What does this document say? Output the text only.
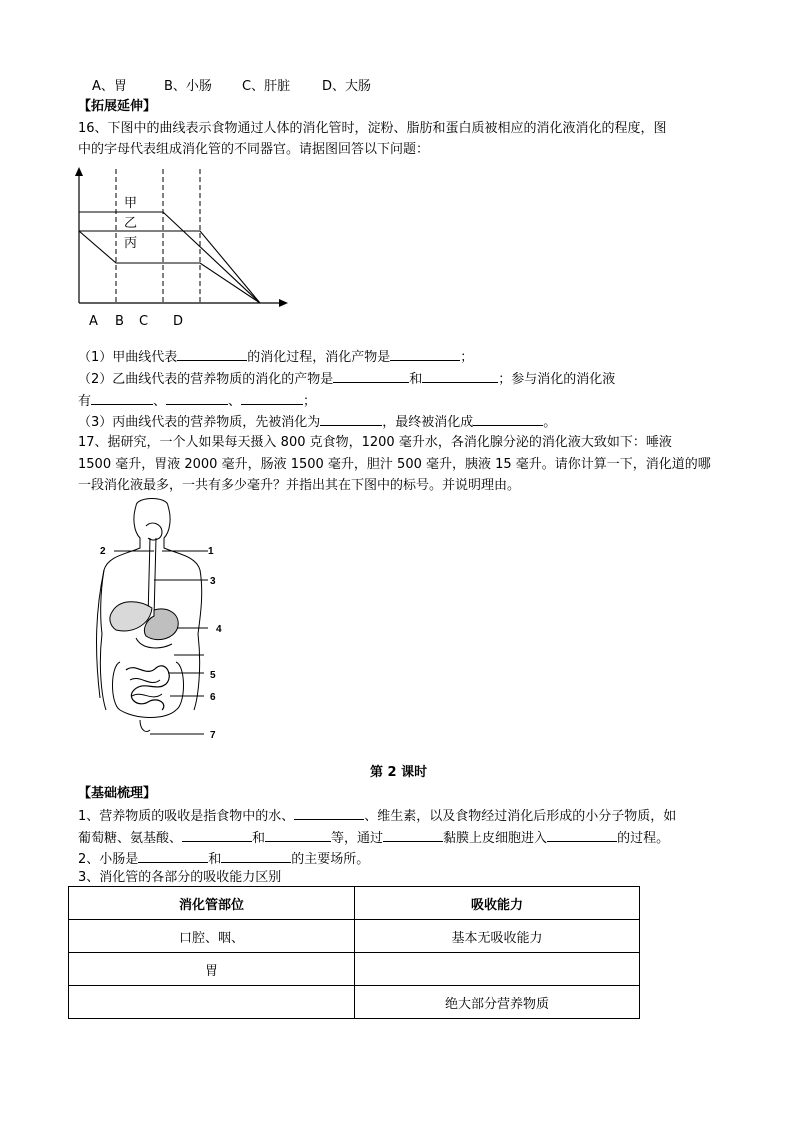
A、胃	B、小肠 C、肝脏 D、大肠
【拓展延伸】
16、下图中的曲线表示食物通过人体的消化管时，淀粉、脂肪和蛋白质被相应的消化液消化的程度，图
中的字母代表组成消化管的不同器官。请据图回答以下问题：
甲
乙
丙
A B C D
（1）甲曲线代表	的消化过程，消化产物是	；
（2）乙曲线代表的营养物质的消化的产物是	和	；参与消化的消化液
有	、	、	；
（3）丙曲线代表的营养物质，先被消化为	，最终被消化成	。
17、据研究，一个人如果每天摄入 800 克食物，1200 毫升水，各消化腺分泌的消化液大致如下：唾液
1500 毫升，胃液 2000 毫升，肠液 1500 毫升，胆汁 500 毫升，胰液 15 毫升。请你计算一下，消化道的哪
一段消化液最多，一共有多少毫升？并指出其在下图中的标号。并说明理由。
1
2
3
4
5
6
7
第 2 课时
【基础梳理】
1、营养物质的吸收是指食物中的水、	、维生素，以及食物经过消化后形成的小分子物质，如
葡萄糖、氨基酸、	和	等，通过	黏膜上皮细胞进入	的过程。
2、小肠是	和	的主要场所。
3、消化管的各部分的吸收能力区别
消化管部位	吸收能力
口腔、咽、	基本无吸收能力
胃	
	绝大部分营养物质
